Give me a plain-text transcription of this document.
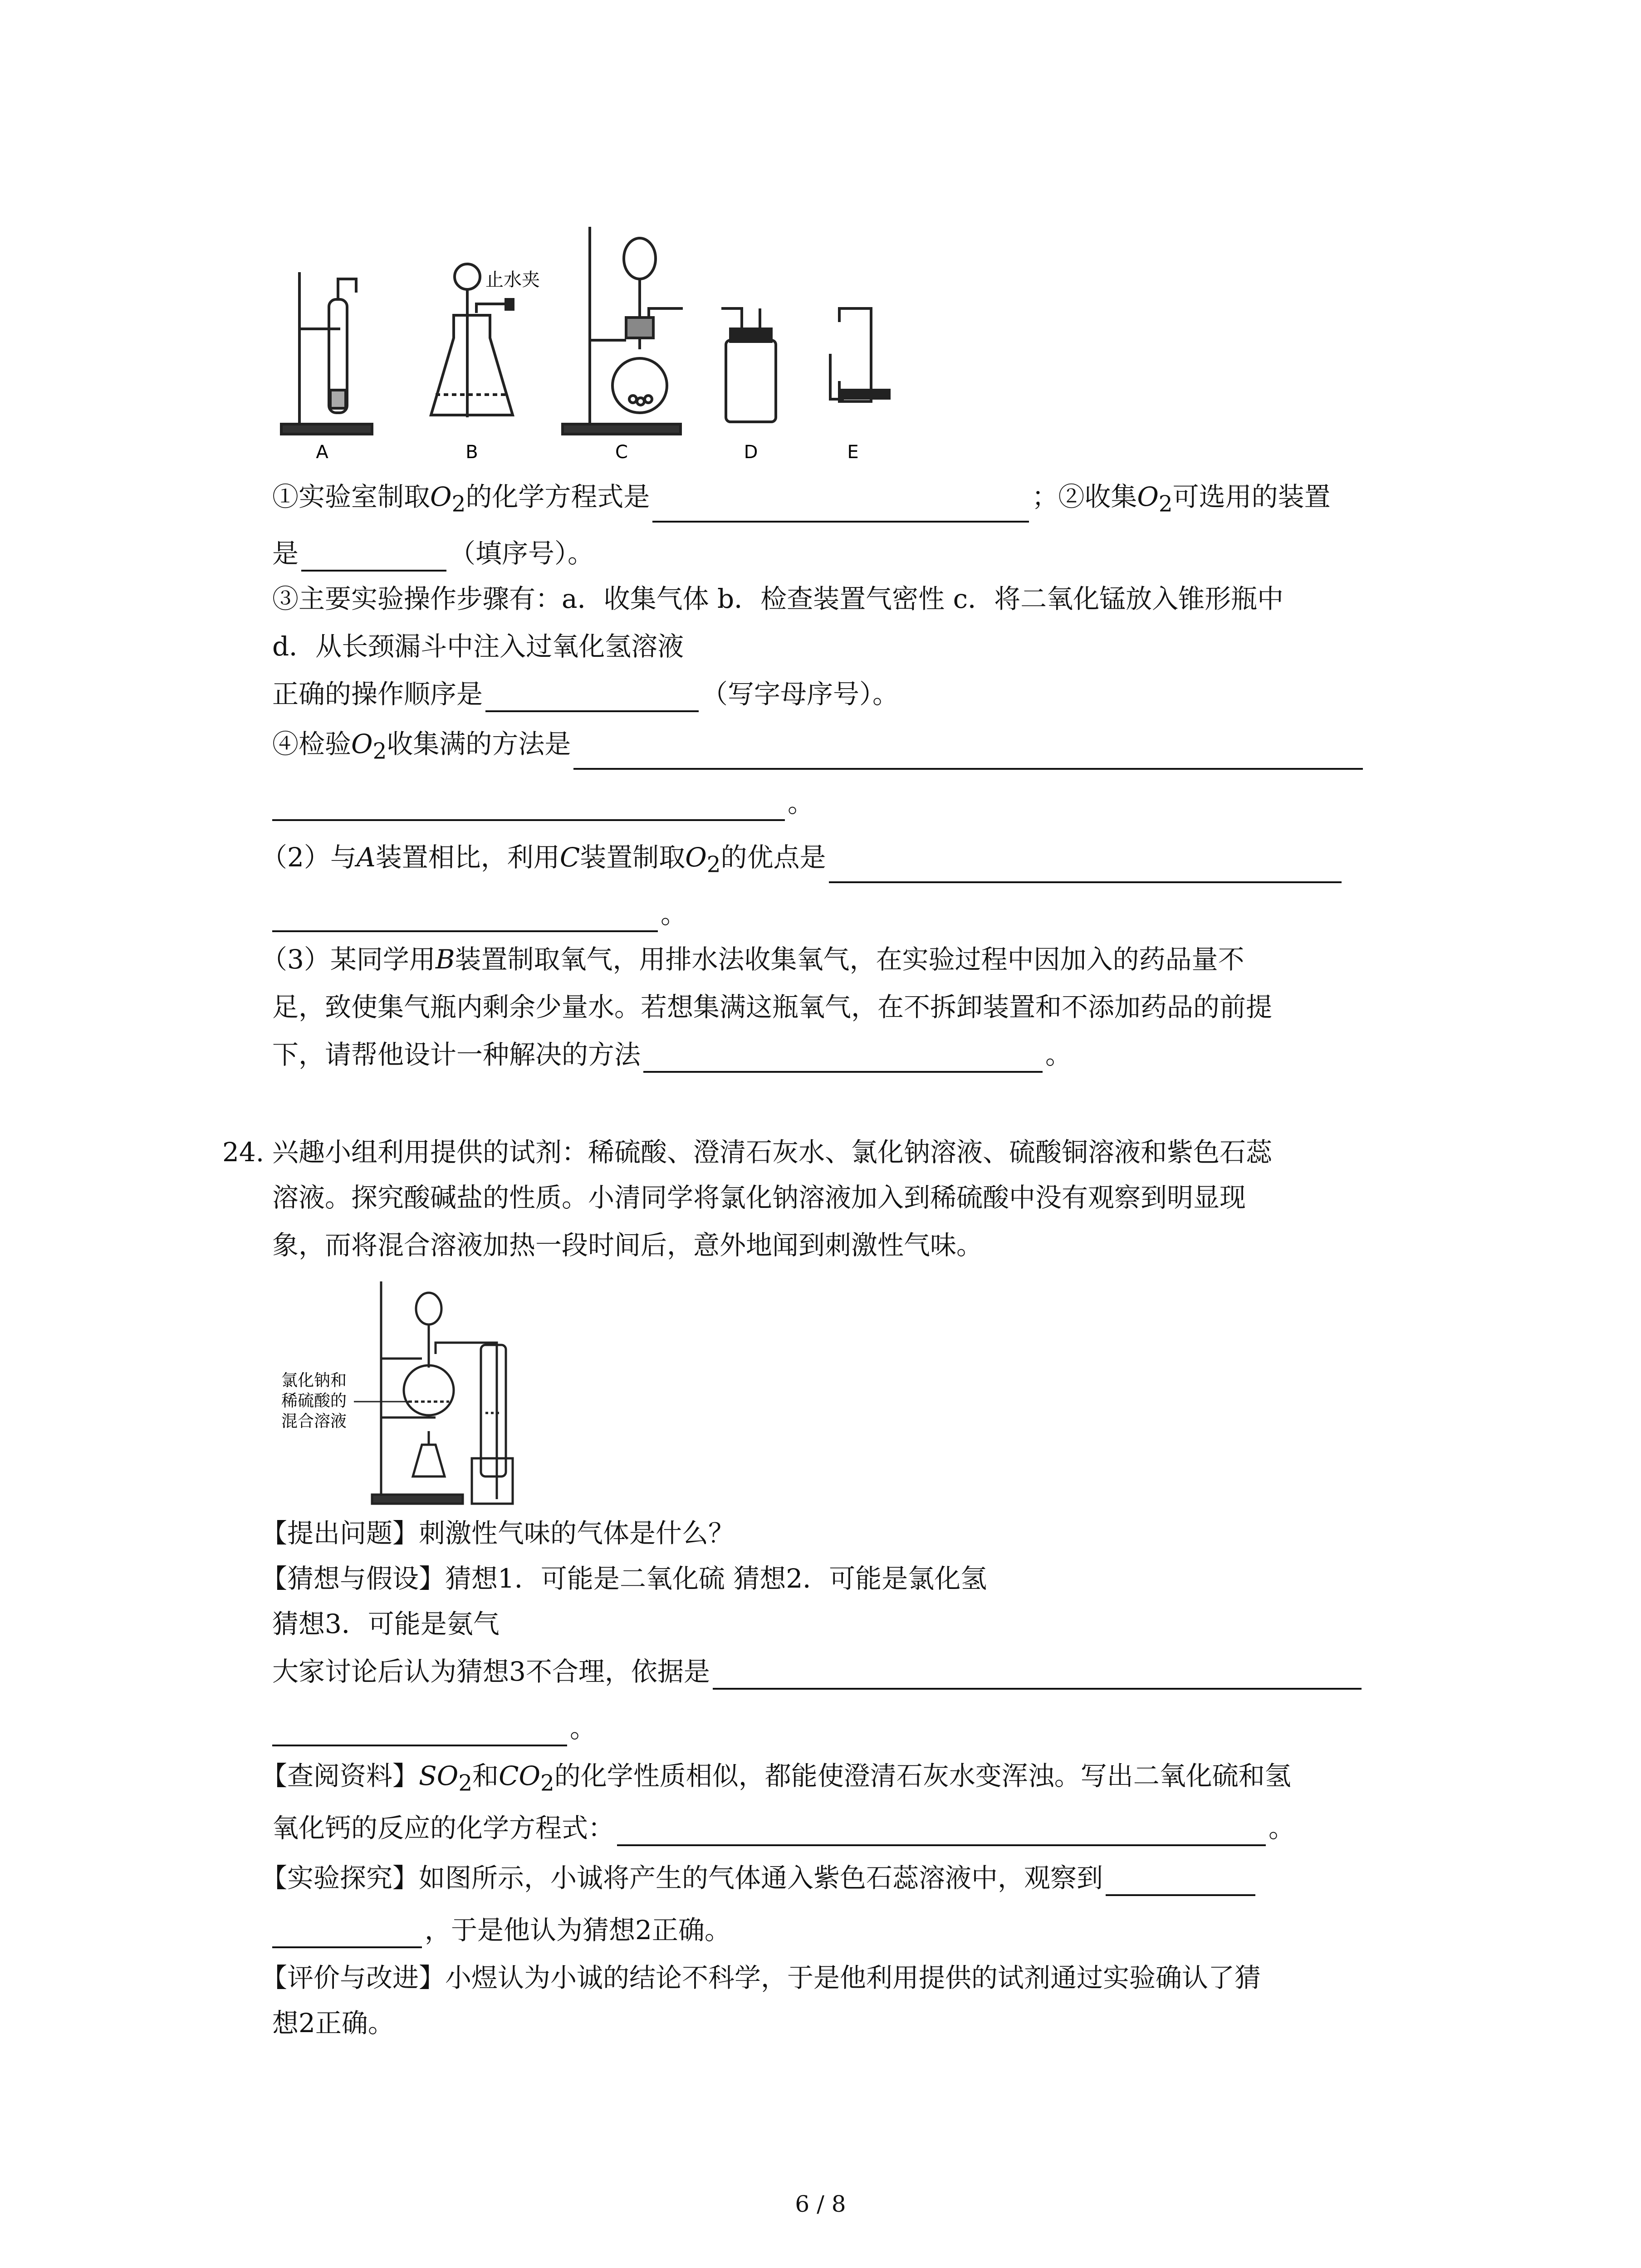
A	B	C	D	E
止水夹
①实验室制取$O_2$的化学方程式是	；②收集$O_2$可选用的装置
是	（填序号）。
③主要实验操作步骤有：a．收集气体 b．检查装置气密性 c．将二氧化锰放入锥形瓶中
d．从长颈漏斗中注入过氧化氢溶液
正确的操作顺序是	（写字母序号）。
④检验$O_2$收集满的方法是
。
（2）与A装置相比，利用C装置制取$O_2$的优点是
。
（3）某同学用B装置制取氧气，用排水法收集氧气，在实验过程中因加入的药品量不
足，致使集气瓶内剩余少量水。若想集满这瓶氧气，在不拆卸装置和不添加药品的前提
下，请帮他设计一种解决的方法	。
24. 兴趣小组利用提供的试剂：稀硫酸、澄清石灰水、氯化钠溶液、硫酸铜溶液和紫色石蕊
溶液。探究酸碱盐的性质。小清同学将氯化钠溶液加入到稀硫酸中没有观察到明显现
象，而将混合溶液加热一段时间后，意外地闻到刺激性气味。
氯化钠和
稀硫酸的
混合溶液
【提出问题】刺激性气味的气体是什么？
【猜想与假设】猜想1．可能是二氧化硫 猜想2．可能是氯化氢
猜想3．可能是氨气
大家讨论后认为猜想3不合理，依据是
。
【查阅资料】$SO_2$和$CO_2$的化学性质相似，都能使澄清石灰水变浑浊。写出二氧化硫和氢
氧化钙的反应的化学方程式：	。
【实验探究】如图所示，小诚将产生的气体通入紫色石蕊溶液中，观察到
，于是他认为猜想2正确。
【评价与改进】小煜认为小诚的结论不科学，于是他利用提供的试剂通过实验确认了猜
想2正确。
6 / 8
